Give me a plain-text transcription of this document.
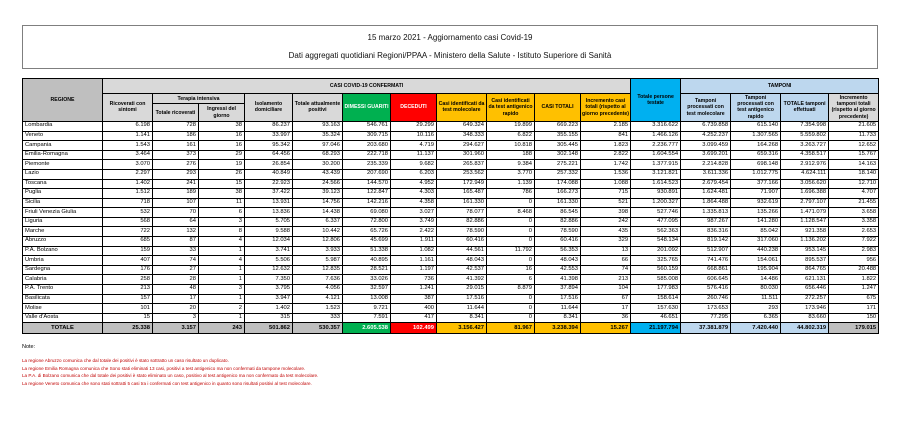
15 marzo 2021 - Aggiornamento casi Covid-19
Dati aggregati quotidiani Regioni/PPAA - Ministero della Salute - Istituto Superiore di Sanità
REGIONE	CASI COVID-19 CONFERMATI											Totale persone testate	TAMPONI			
	Ricoverati con sintomi	Terapia intensiva		Isolamento domiciliare	Totale attualmente positivi	DIMESSI GUARITI	DECEDUTI	Casi identificati da test molecolare	Casi identificati da test antigenico rapido	CASI TOTALI	Incremento casi totali (rispetto al giorno precedente)		Tamponi processati con test molecolare	Tamponi processati con test antigenico rapido	TOTALE tamponi effettuati	Incremento tamponi totali (rispetto al giorno precedente)
		Totale ricoverati	Ingressi del giorno													
Lombardia	6.198	728	38	86.237	93.163	546.761	29.299	649.324	19.899	669.223	2.185	3.316.622	6.739.858	615.140	7.354.998	21.605
Veneto	1.141	186	16	33.997	35.324	309.715	10.116	348.333	6.822	355.155	841	1.466.126	4.252.237	1.307.565	5.559.802	11.733
Campania	1.543	161	16	95.342	97.046	203.680	4.719	294.627	10.818	305.445	1.823	2.236.777	3.099.459	164.268	3.263.727	12.652
Emilia-Romagna	3.464	373	29	64.456	68.293	222.718	11.137	301.960	188	302.148	2.822	1.604.554	3.699.201	659.316	4.358.517	15.767
Piemonte	3.070	276	19	26.854	30.200	235.339	9.682	265.837	9.384	275.221	1.742	1.377.915	2.214.828	698.148	2.912.976	14.163
Lazio	2.297	293	26	40.849	43.439	207.690	6.203	253.562	3.770	257.332	1.536	3.121.821	3.611.336	1.012.775	4.624.111	18.140
Toscana	1.402	241	15	22.923	24.566	144.570	4.952	172.949	1.139	174.088	1.088	1.614.523	2.679.454	377.166	3.056.620	12.710
Puglia	1.512	189	38	37.422	39.123	122.847	4.303	165.487	786	166.273	715	930.891	1.624.481	71.907	1.696.388	4.707
Sicilia	718	107	11	13.931	14.756	142.216	4.358	161.330	0	161.330	521	1.200.327	1.864.488	932.619	2.797.107	21.455
Friuli Venezia Giulia	532	70	6	13.836	14.438	69.080	3.027	78.077	8.468	86.545	398	527.746	1.335.813	135.266	1.471.079	3.658
Liguria	568	64	3	5.705	6.337	72.800	3.749	82.886	0	82.886	242	477.095	987.267	141.280	1.128.547	3.358
Marche	722	132	8	9.588	10.442	65.726	2.422	78.590	0	78.590	435	562.363	836.316	85.042	921.358	2.653
Abruzzo	685	87	4	12.034	12.806	45.699	1.911	60.416	0	60.416	329	548.134	819.142	317.060	1.136.202	7.922
P.A. Bolzano	159	33	1	3.741	3.933	51.338	1.082	44.561	11.792	56.353	13	201.092	512.907	440.238	953.145	2.983
Umbria	407	74	4	5.506	5.987	40.895	1.161	48.043	0	48.043	66	325.765	741.476	154.061	895.537	956
Sardegna	176	27	1	12.632	12.835	28.521	1.197	42.537	16	42.553	74	560.159	668.861	195.904	864.765	20.488
Calabria	258	28	1	7.350	7.636	33.026	736	41.392	6	41.398	213	585.008	606.645	14.486	621.131	1.822
P.A. Trento	213	48	3	3.795	4.056	32.597	1.241	29.015	8.879	37.894	104	177.983	576.416	80.030	656.446	1.247
Basilicata	157	17	1	3.947	4.121	13.008	387	17.516	0	17.516	67	158.614	260.746	11.511	272.257	675
Molise	101	20	2	1.402	1.523	9.721	400	11.644	0	11.644	17	157.630	173.653	293	173.946	171
Valle d'Aosta	15	3	1	315	333	7.591	417	8.341	0	8.341	36	46.651	77.295	6.365	83.660	150
TOTALE	25.338	3.157	243	501.862	530.357	2.605.538	102.499	3.156.427	81.967	3.238.394	15.267	21.197.794	37.381.879	7.420.440	44.802.319	179.015
Note:
La regione Abruzzo comunica che dal totale dei positivi è stato sottratto un caso risultato un duplicato.
La regione Emilia Romagna comunica che Sono stati eliminati 13 casi, positivi a test antigenico ma non confermati da tampone molecolare.
La P.A. di Bolzano comunica che dal totale dei positivi è stato eliminato un caso, positivo al test antigenico ma non confermato da test molecolare.
La regione Veneto comunica che sono stati sottratti 5 casi tra i confermati con test antigenico in quanto sono risultati positivi al test molecolare.
